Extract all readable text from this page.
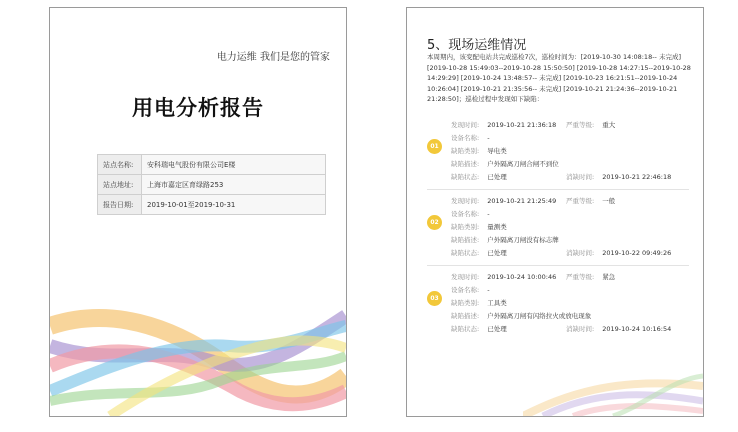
电力运维 我们是您的管家
用电分析报告
站点名称:	安科瑞电气股份有限公司E楼
站点地址:	上海市嘉定区育绿路253
报告日期:	2019-10-01至2019-10-31
5、现场运维情况

本周期内，该变配电站共完成巡检7次，巡检时间为：[2019-10-30 14:08:18-- 未完成] [2019-10-28 15:49:03--2019-10-28 15:50:50] [2019-10-28 14:27:15--2019-10-28 14:29:29] [2019-10-24 13:48:57-- 未完成] [2019-10-23 16:21:51--2019-10-24 10:26:04] [2019-10-21 21:35:56-- 未完成] [2019-10-21 21:24:36--2019-10-21 21:28:50]；巡检过程中发现如下缺陷：

01
发现时间: 2019-10-21 21:36:18 严重等级: 重大
设备名称: -
缺陷类别: 导电类
缺陷描述: 户外隔离刀闸合闸不到位
缺陷状态: 已处理	消缺时间: 2019-10-21 22:46:18
02
发现时间: 2019-10-21 21:25:49 严重等级: 一般
设备名称: -
缺陷类别: 量测类
缺陷描述: 户外隔离刀闸没有标志牌
缺陷状态: 已处理	消缺时间: 2019-10-22 09:49:26
03
发现时间: 2019-10-24 10:00:46 严重等级: 紧急
设备名称: -
缺陷类别: 工具类
缺陷描述: 户外隔离刀闸有闪络拉火或放电现象
缺陷状态: 已处理	消缺时间: 2019-10-24 10:16:54
